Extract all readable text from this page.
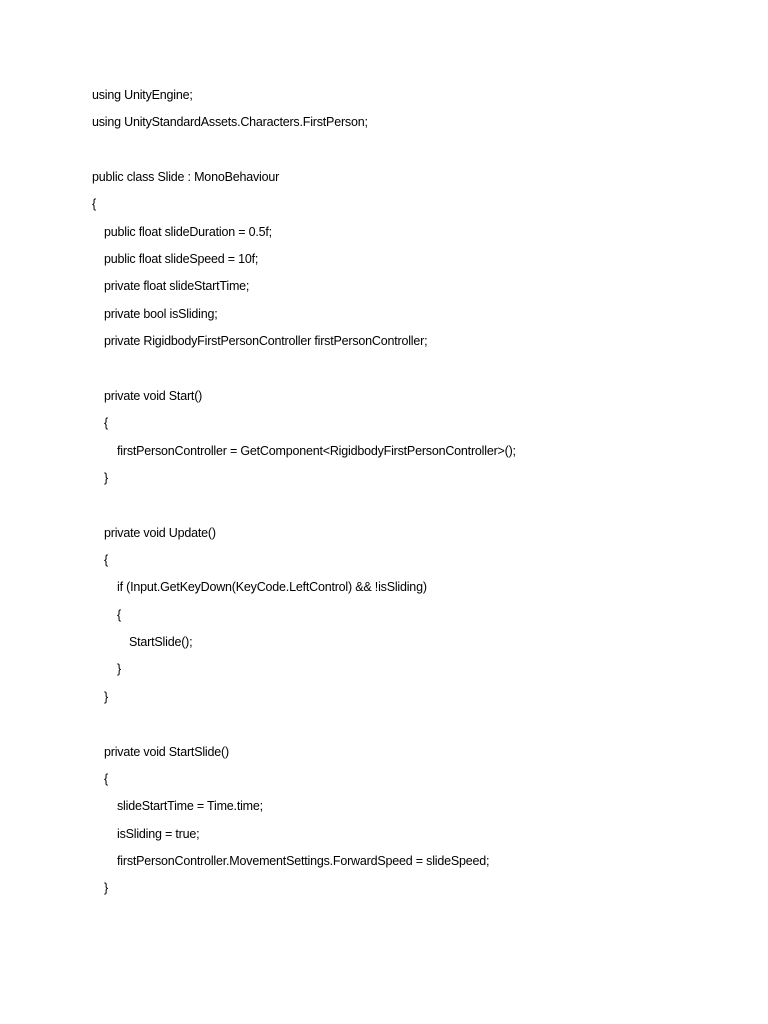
using UnityEngine;
using UnityStandardAssets.Characters.FirstPerson;
public class Slide : MonoBehaviour
{
public float slideDuration = 0.5f;
public float slideSpeed = 10f;
private float slideStartTime;
private bool isSliding;
private RigidbodyFirstPersonController firstPersonController;
private void Start()
{
firstPersonController = GetComponent<RigidbodyFirstPersonController>();
}
private void Update()
{
if (Input.GetKeyDown(KeyCode.LeftControl) && !isSliding)
{
StartSlide();
}
}
private void StartSlide()
{
slideStartTime = Time.time;
isSliding = true;
firstPersonController.MovementSettings.ForwardSpeed = slideSpeed;
}
